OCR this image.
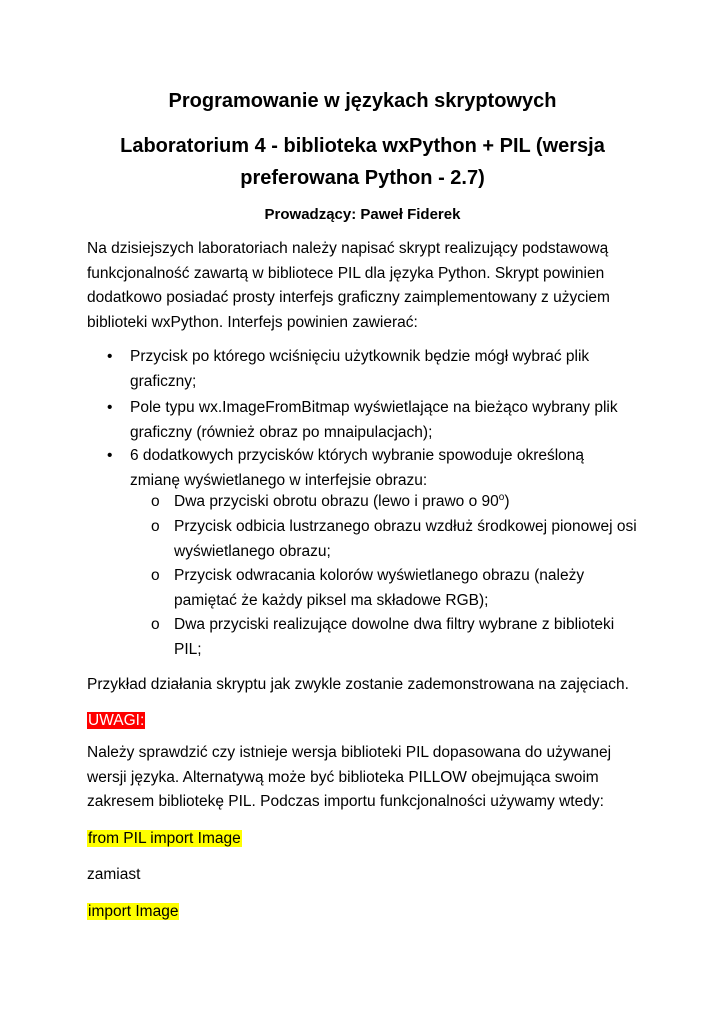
Programowanie w językach skryptowych
Laboratorium 4 - biblioteka wxPython + PIL (wersja
preferowana Python - 2.7)
Prowadzący: Paweł Fiderek
Na dzisiejszych laboratoriach należy napisać skrypt realizujący podstawową
funkcjonalność zawartą w bibliotece PIL dla języka Python. Skrypt powinien
dodatkowo posiadać prosty interfejs graficzny zaimplementowany z użyciem
biblioteki wxPython. Interfejs powinien zawierać:
• Przycisk po którego wciśnięciu użytkownik będzie mógł wybrać plik
graficzny;
• Pole typu wx.ImageFromBitmap wyświetlające na bieżąco wybrany plik
graficzny (również obraz po mnaipulacjach);
• 6 dodatkowych przycisków których wybranie spowoduje określoną
zmianę wyświetlanego w interfejsie obrazu:
o Dwa przyciski obrotu obrazu (lewo i prawo o 90$^o$)
o Przycisk odbicia lustrzanego obrazu wzdłuż środkowej pionowej osi
wyświetlanego obrazu;
o Przycisk odwracania kolorów wyświetlanego obrazu (należy
pamiętać że każdy piksel ma składowe RGB);
o Dwa przyciski realizujące dowolne dwa filtry wybrane z biblioteki
PIL;
Przykład działania skryptu jak zwykle zostanie zademonstrowana na zajęciach.
UWAGI:
Należy sprawdzić czy istnieje wersja biblioteki PIL dopasowana do używanej
wersji języka. Alternatywą może być biblioteka PILLOW obejmująca swoim
zakresem bibliotekę PIL. Podczas importu funkcjonalności używamy wtedy:
from PIL import Image
zamiast
import Image
